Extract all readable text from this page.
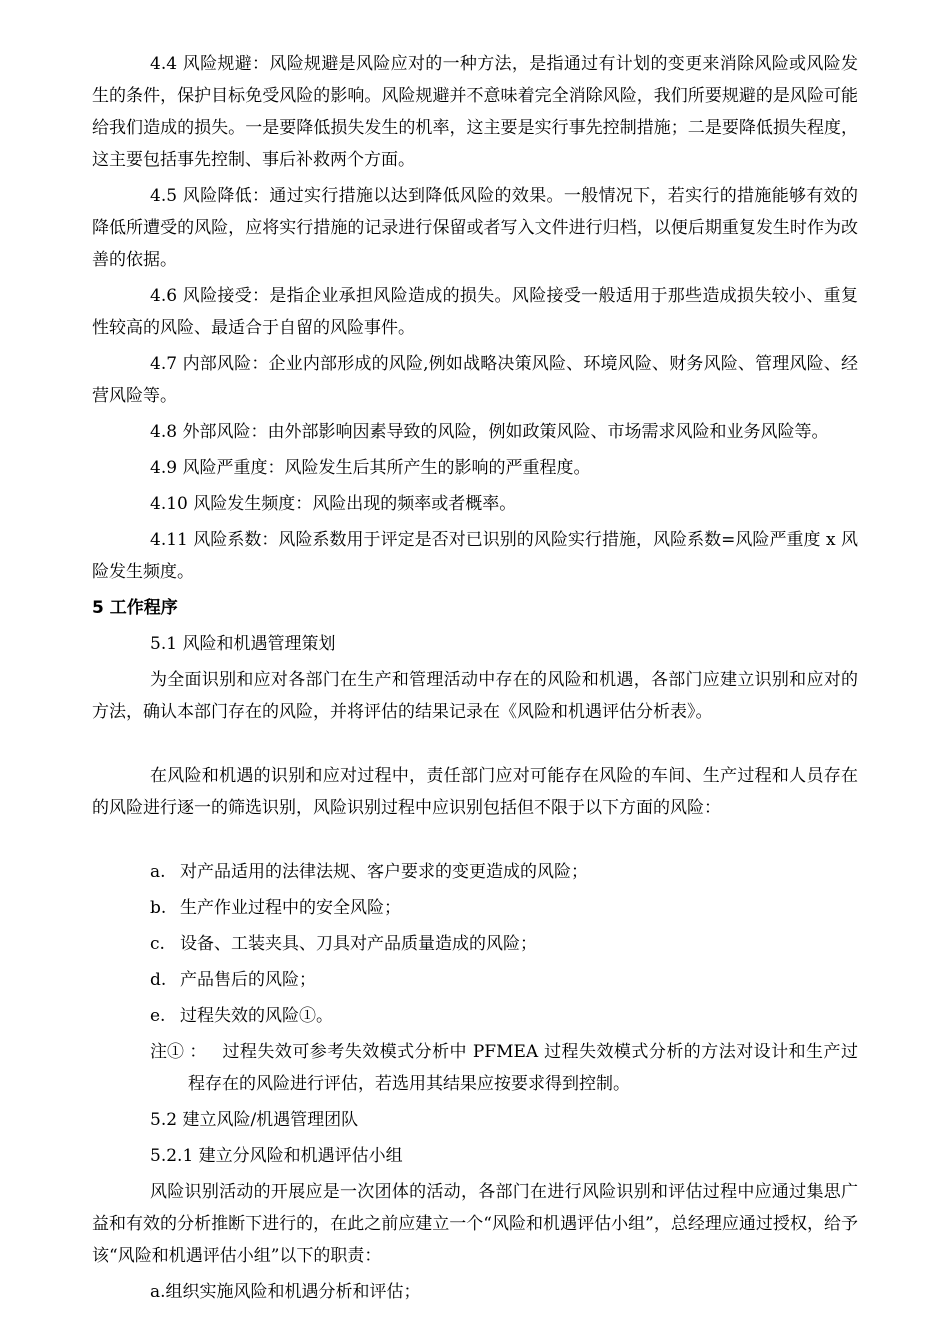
4.4 风险规避：风险规避是风险应对的一种方法，是指通过有计划的变更来消除风险或风险发生的条件，保护目标免受风险的影响。风险规避并不意味着完全消除风险，我们所要规避的是风险可能给我们造成的损失。一是要降低损失发生的机率，这主要是实行事先控制措施；二是要降低损失程度，这主要包括事先控制、事后补救两个方面。

4.5 风险降低：通过实行措施以达到降低风险的效果。一般情况下，若实行的措施能够有效的降低所遭受的风险，应将实行措施的记录进行保留或者写入文件进行归档，以便后期重复发生时作为改善的依据。

4.6 风险接受：是指企业承担风险造成的损失。风险接受一般适用于那些造成损失较小、重复性较高的风险、最适合于自留的风险事件。

4.7 内部风险：企业内部形成的风险,例如战略决策风险、环境风险、财务风险、管理风险、经营风险等。

4.8 外部风险：由外部影响因素导致的风险，例如政策风险、市场需求风险和业务风险等。

4.9 风险严重度：风险发生后其所产生的影响的严重程度。

4.10 风险发生频度：风险出现的频率或者概率。

4.11 风险系数：风险系数用于评定是否对已识别的风险实行措施，风险系数=风险严重度 x 风险发生频度。

5 工作程序

5.1 风险和机遇管理策划

为全面识别和应对各部门在生产和管理活动中存在的风险和机遇，各部门应建立识别和应对的方法，确认本部门存在的风险，并将评估的结果记录在《风险和机遇评估分析表》。

在风险和机遇的识别和应对过程中，责任部门应对可能存在风险的车间、生产过程和人员存在的风险进行逐一的筛选识别，风险识别过程中应识别包括但不限于以下方面的风险：

a. 对产品适用的法律法规、客户要求的变更造成的风险；
b. 生产作业过程中的安全风险；
c. 设备、工装夹具、刀具对产品质量造成的风险；
d. 产品售后的风险；
e. 过程失效的风险①。

注① ： 过程失效可参考失效模式分析中 PFMEA 过程失效模式分析的方法对设计和生产过程存在的风险进行评估，若选用其结果应按要求得到控制。

5.2 建立风险/机遇管理团队

5.2.1 建立分风险和机遇评估小组

风险识别活动的开展应是一次团体的活动，各部门在进行风险识别和评估过程中应通过集思广益和有效的分析推断下进行的，在此之前应建立一个“风险和机遇评估小组”，总经理应通过授权，给予该“风险和机遇评估小组”以下的职责：

a.组织实施风险和机遇分析和评估；
